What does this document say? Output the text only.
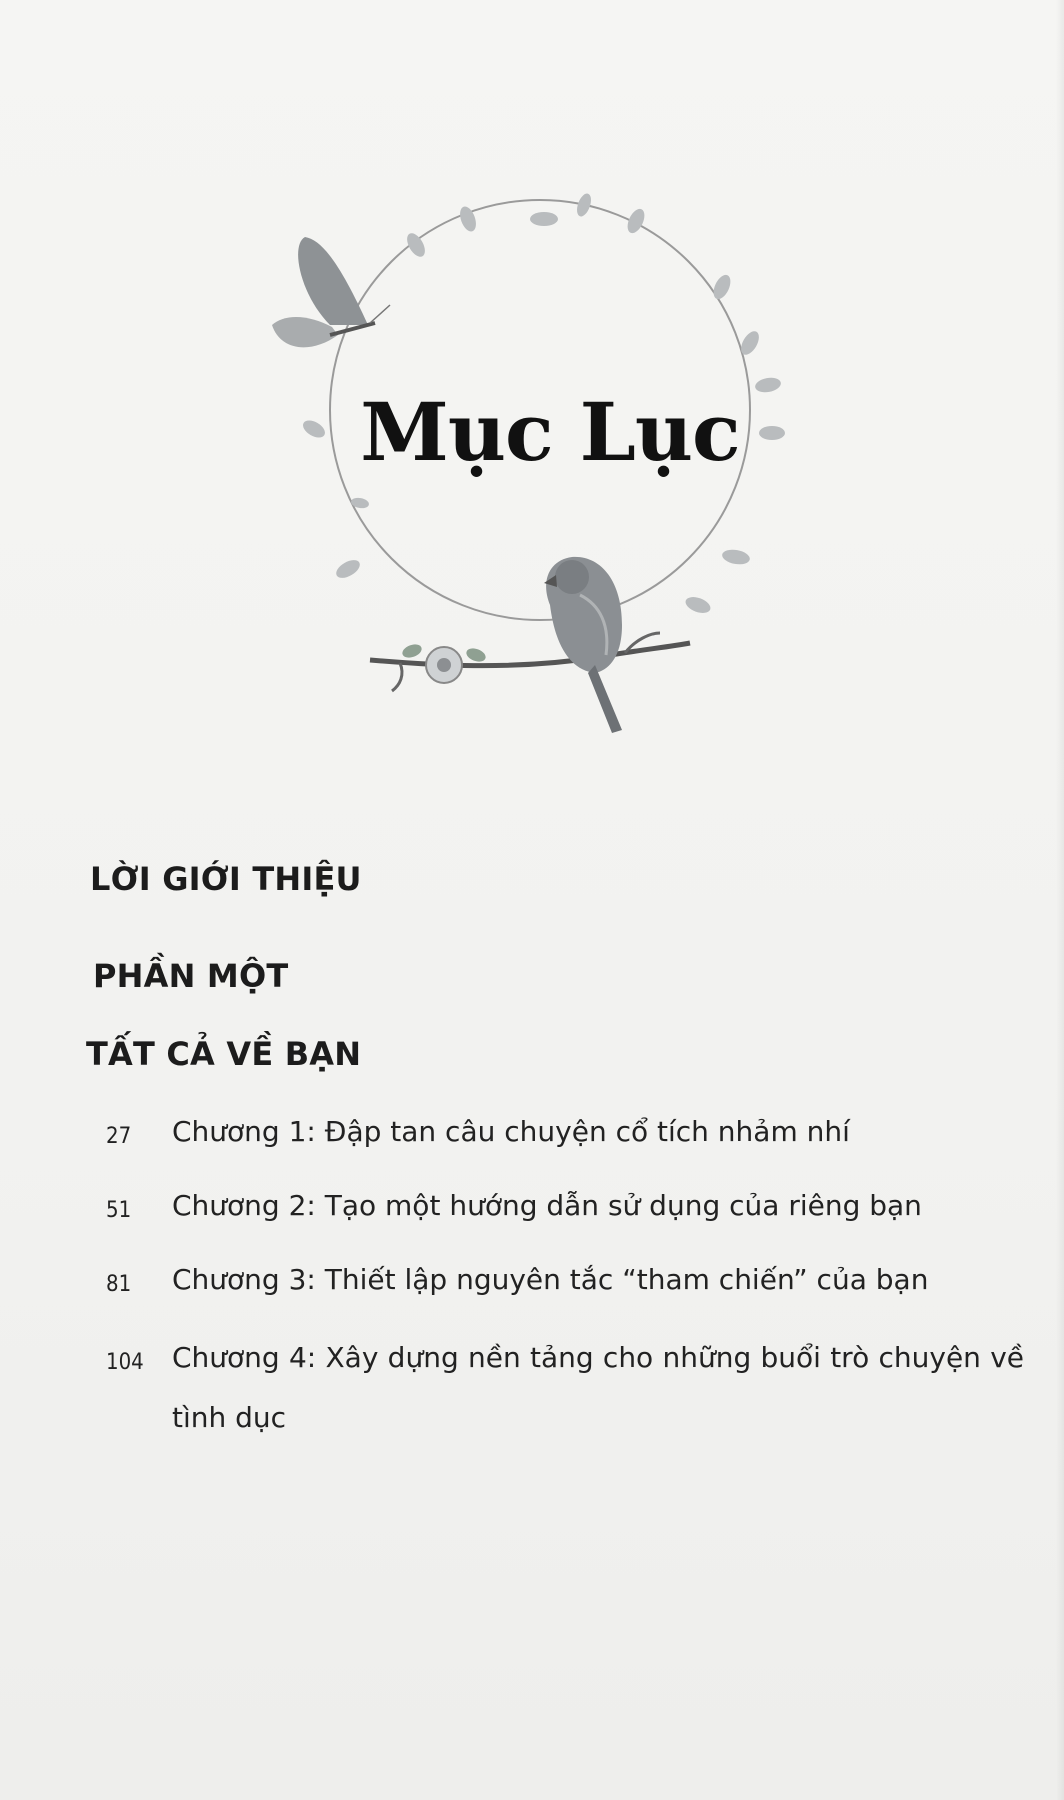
Mục Lục
LỜI GIỚI THIỆU
PHẦN MỘT
TẤT CẢ VỀ BẠN
27 Chương 1: Đập tan câu chuyện cổ tích nhảm nhí
51 Chương 2: Tạo một hướng dẫn sử dụng của riêng bạn
81 Chương 3: Thiết lập nguyên tắc “tham chiến” của bạn
104 Chương 4: Xây dựng nền tảng cho những buổi trò chuyện về
tình dục
